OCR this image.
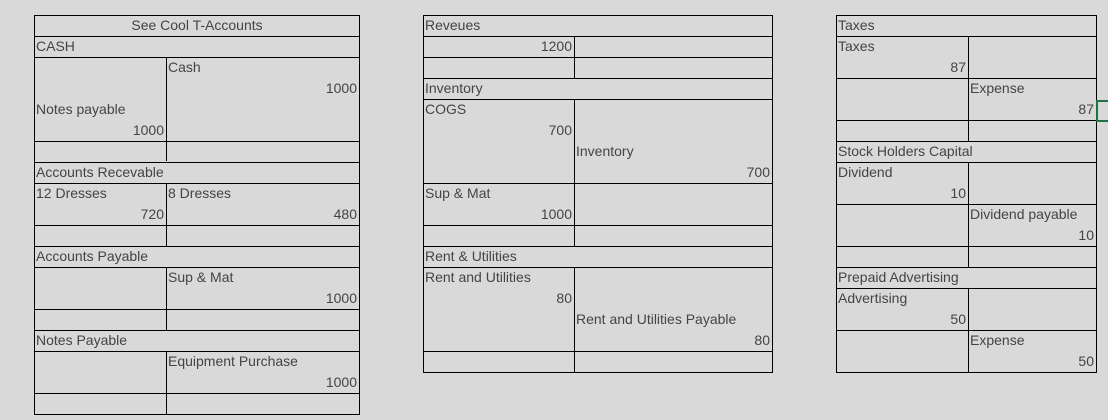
See Cool T-Accounts
CASH
Cash
1000
Notes payable
1000
Accounts Recevable
12 Dresses	8 Dresses
720	480
Accounts Payable
Sup & Mat
1000
Notes Payable
Equipment Purchase
1000
Reveues
1200
Inventory
COGS
700
Inventory
700
Sup & Mat
1000
Rent & Utilities
Rent and Utilities
80
Rent and Utilities Payable
80
Taxes
Taxes
87
Expense
87
Stock Holders Capital
Dividend
10
Dividend payable
10
Prepaid Advertising
Advertising
50
Expense
50
